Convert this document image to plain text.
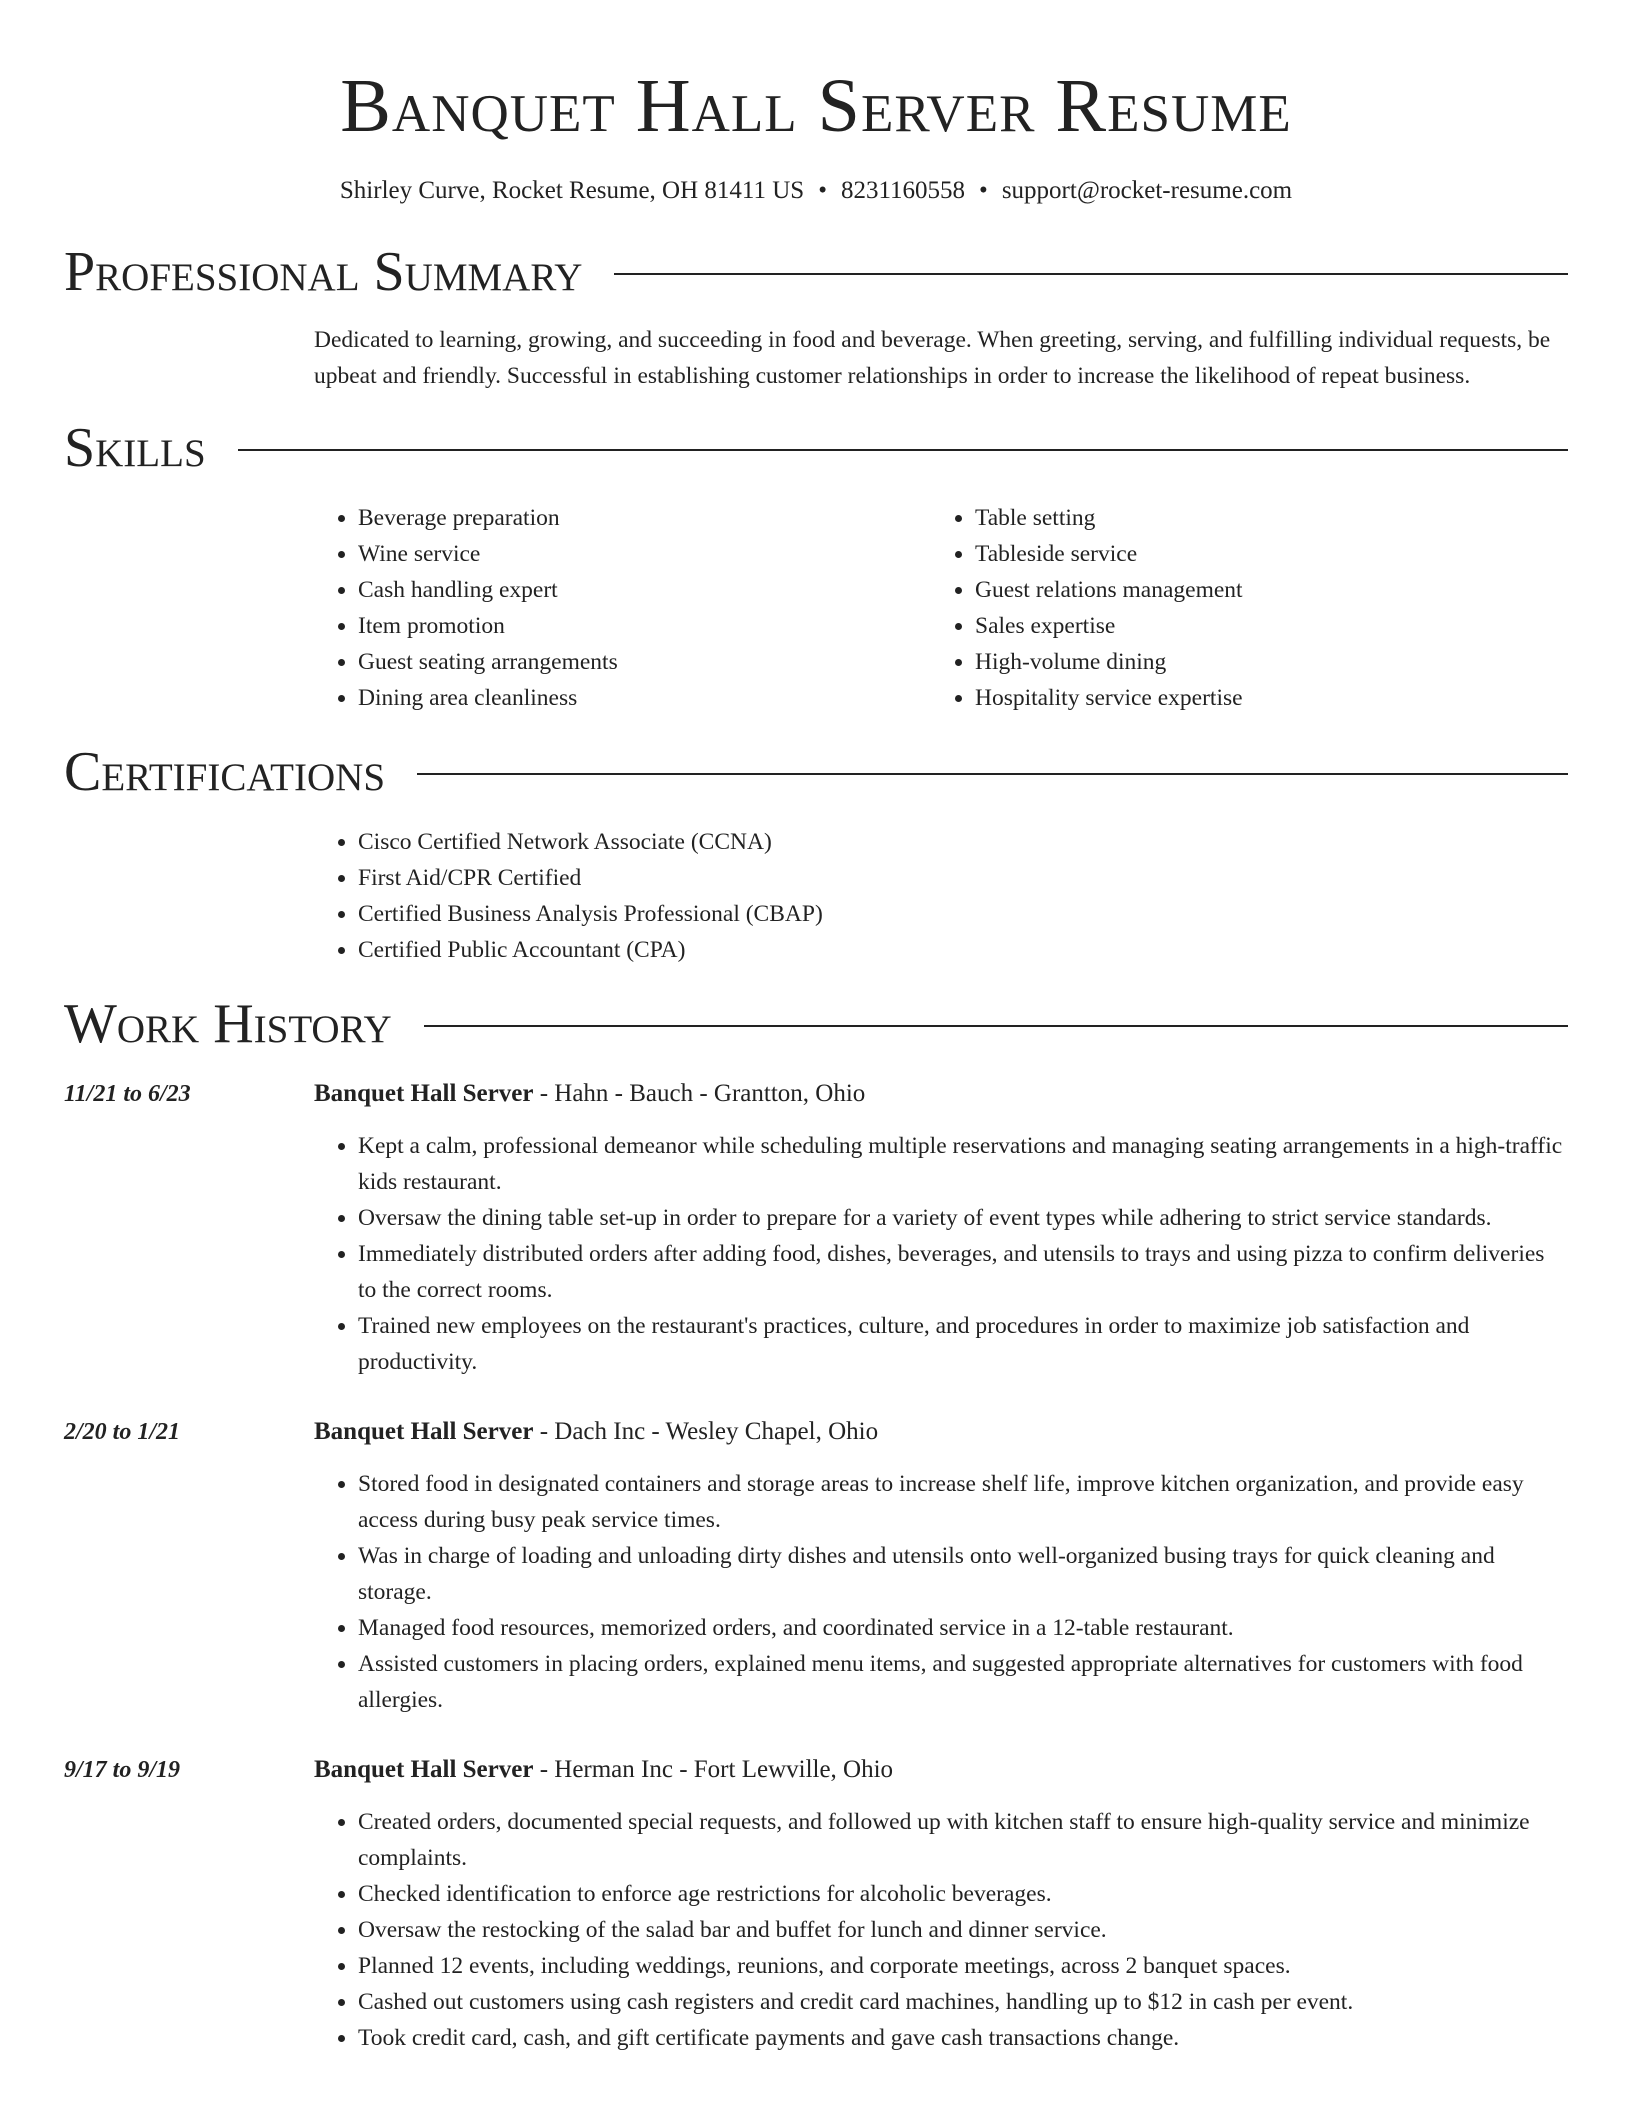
Banquet Hall Server Resume
Shirley Curve, Rocket Resume, OH 81411 US • 8231160558 • support@rocket-resume.com
Professional Summary
Dedicated to learning, growing, and succeeding in food and beverage. When greeting, serving, and fulfilling individual requests, be upbeat and friendly. Successful in establishing customer relationships in order to increase the likelihood of repeat business.
Skills
• Beverage preparation
• Wine service
• Cash handling expert
• Item promotion
• Guest seating arrangements
• Dining area cleanliness
• Table setting
• Tableside service
• Guest relations management
• Sales expertise
• High-volume dining
• Hospitality service expertise
Certifications
• Cisco Certified Network Associate (CCNA)
• First Aid/CPR Certified
• Certified Business Analysis Professional (CBAP)
• Certified Public Accountant (CPA)
Work History
11/21 to 6/23	Banquet Hall Server - Hahn - Bauch - Grantton, Ohio
• Kept a calm, professional demeanor while scheduling multiple reservations and managing seating arrangements in a high-traffic kids restaurant.
• Oversaw the dining table set-up in order to prepare for a variety of event types while adhering to strict service standards.
• Immediately distributed orders after adding food, dishes, beverages, and utensils to trays and using pizza to confirm deliveries to the correct rooms.
• Trained new employees on the restaurant's practices, culture, and procedures in order to maximize job satisfaction and productivity.
2/20 to 1/21	Banquet Hall Server - Dach Inc - Wesley Chapel, Ohio
• Stored food in designated containers and storage areas to increase shelf life, improve kitchen organization, and provide easy access during busy peak service times.
• Was in charge of loading and unloading dirty dishes and utensils onto well-organized busing trays for quick cleaning and storage.
• Managed food resources, memorized orders, and coordinated service in a 12-table restaurant.
• Assisted customers in placing orders, explained menu items, and suggested appropriate alternatives for customers with food allergies.
9/17 to 9/19	Banquet Hall Server - Herman Inc - Fort Lewville, Ohio
• Created orders, documented special requests, and followed up with kitchen staff to ensure high-quality service and minimize complaints.
• Checked identification to enforce age restrictions for alcoholic beverages.
• Oversaw the restocking of the salad bar and buffet for lunch and dinner service.
• Planned 12 events, including weddings, reunions, and corporate meetings, across 2 banquet spaces.
• Cashed out customers using cash registers and credit card machines, handling up to $12 in cash per event.
• Took credit card, cash, and gift certificate payments and gave cash transactions change.
